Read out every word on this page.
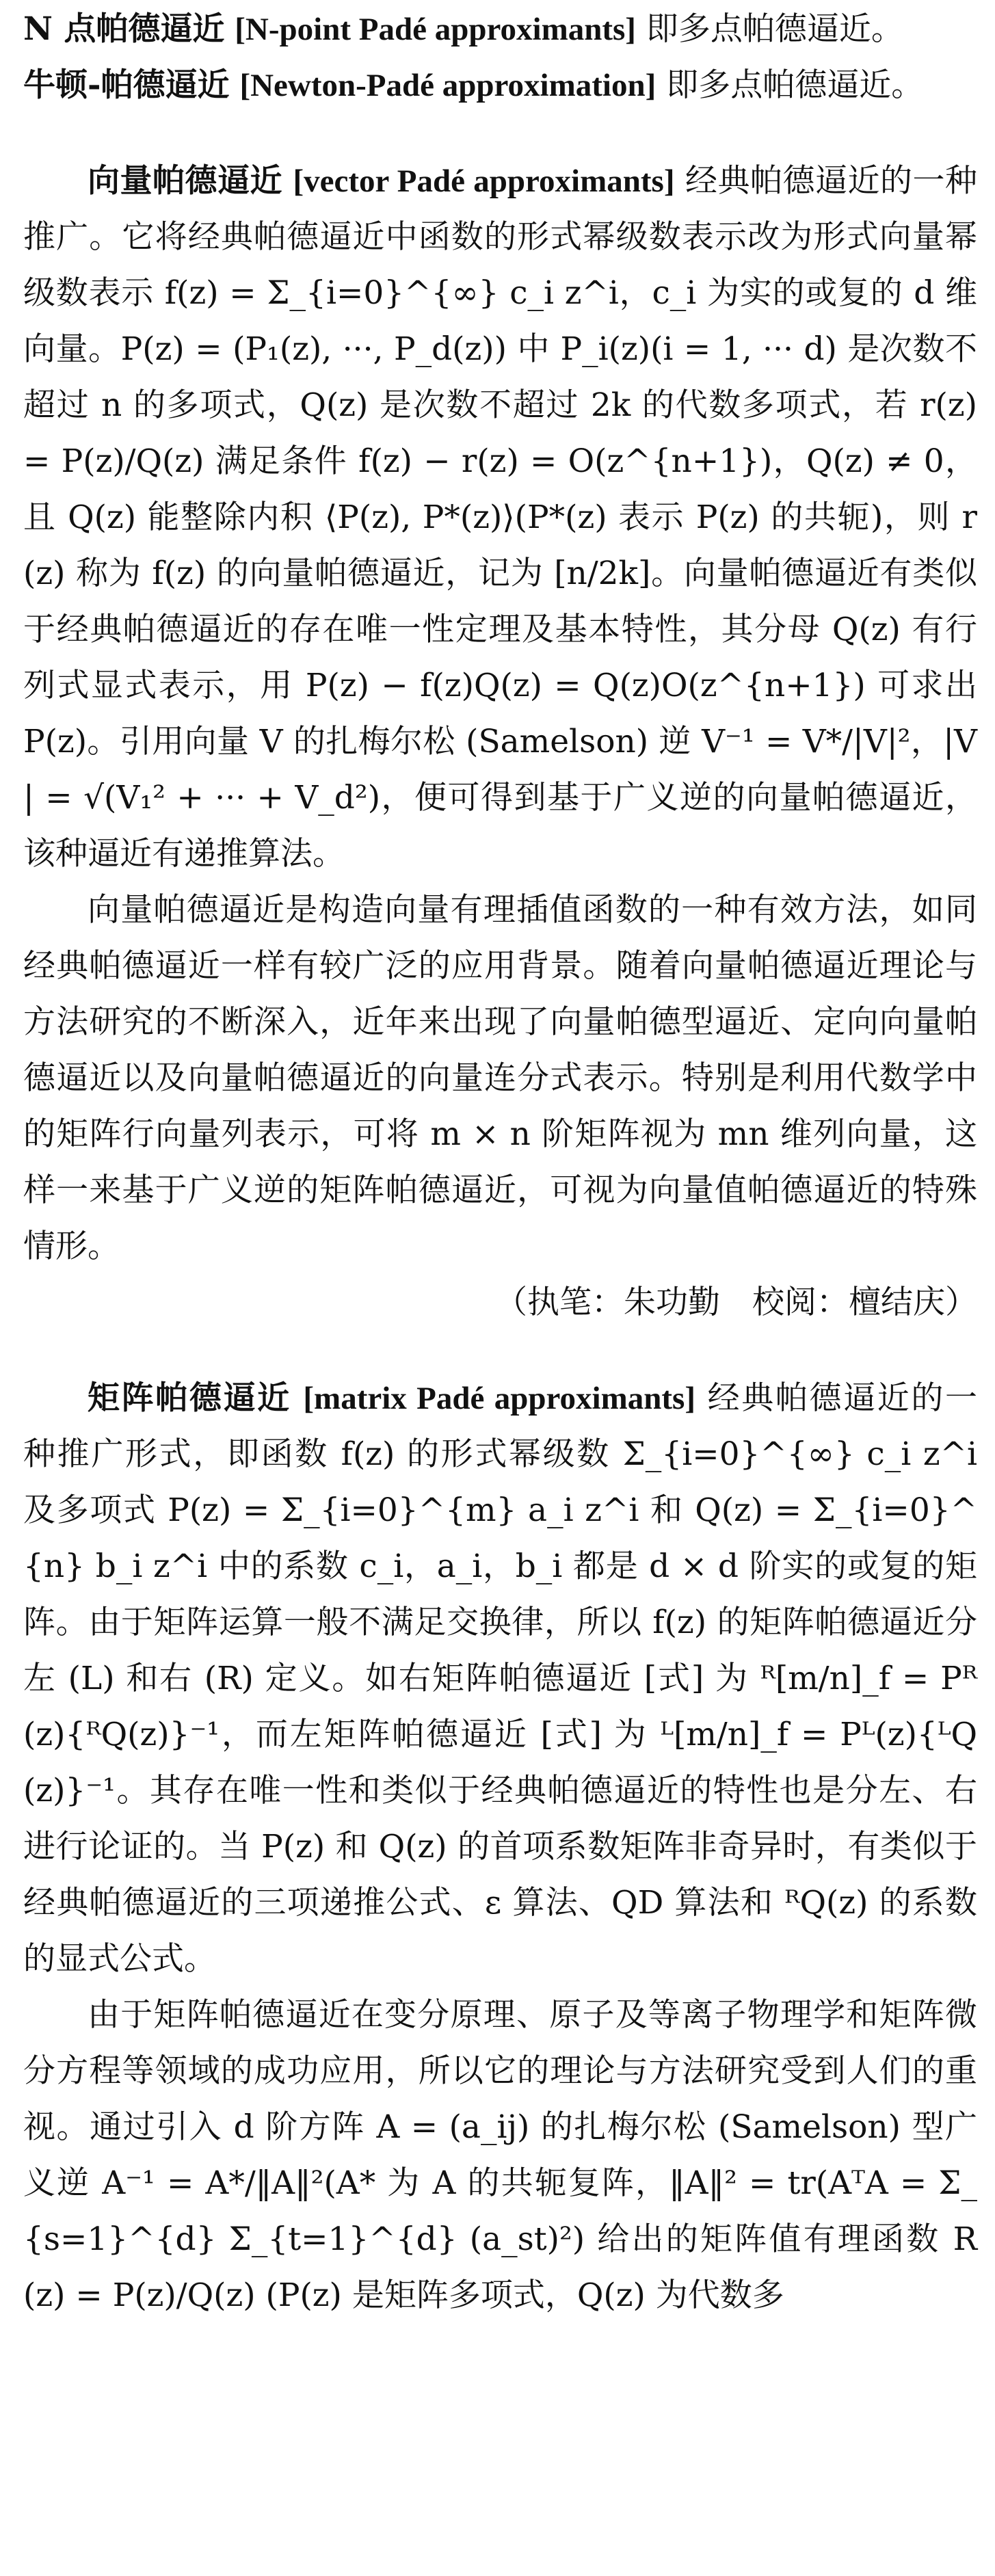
N 点帕德逼近 [N-point Padé approximants] 即多点帕德逼近。

牛顿-帕德逼近 [Newton-Padé approximation] 即多点帕德逼近。

向量帕德逼近 [vector Padé approximants] 经典帕德逼近的一种推广。它将经典帕德逼近中函数的形式幂级数表示改为形式向量幂级数表示 f(z) = Σ_{i=0}^{∞} c_i z^i，c_i 为实的或复的 d 维向量。P(z) = (P₁(z), ···, P_d(z)) 中 P_i(z)(i = 1, ··· d) 是次数不超过 n 的多项式，Q(z) 是次数不超过 2k 的代数多项式，若 r(z) = P(z)/Q(z) 满足条件 f(z) − r(z) = O(z^{n+1})，Q(z) ≠ 0，且 Q(z) 能整除内积 ⟨P(z), P*(z)⟩(P*(z) 表示 P(z) 的共轭)，则 r(z) 称为 f(z) 的向量帕德逼近，记为 [n/2k]。向量帕德逼近有类似于经典帕德逼近的存在唯一性定理及基本特性，其分母 Q(z) 有行列式显式表示，用 P(z) − f(z)Q(z) = Q(z)O(z^{n+1}) 可求出 P(z)。引用向量 V 的扎梅尔松 (Samelson) 逆 V⁻¹ = V*/|V|²，|V| = √(V₁² + ··· + V_d²)，便可得到基于广义逆的向量帕德逼近，该种逼近有递推算法。

向量帕德逼近是构造向量有理插值函数的一种有效方法，如同经典帕德逼近一样有较广泛的应用背景。随着向量帕德逼近理论与方法研究的不断深入，近年来出现了向量帕德型逼近、定向向量帕德逼近以及向量帕德逼近的向量连分式表示。特别是利用代数学中的矩阵行向量列表示，可将 m × n 阶矩阵视为 mn 维列向量，这样一来基于广义逆的矩阵帕德逼近，可视为向量值帕德逼近的特殊情形。

（执笔：朱功勤　校阅：檀结庆）

矩阵帕德逼近 [matrix Padé approximants] 经典帕德逼近的一种推广形式，即函数 f(z) 的形式幂级数 Σ_{i=0}^{∞} c_i z^i 及多项式 P(z) = Σ_{i=0}^{m} a_i z^i 和 Q(z) = Σ_{i=0}^{n} b_i z^i 中的系数 c_i，a_i，b_i 都是 d × d 阶实的或复的矩阵。由于矩阵运算一般不满足交换律，所以 f(z) 的矩阵帕德逼近分左 (L) 和右 (R) 定义。如右矩阵帕德逼近 [式] 为 ᴿ[m/n]_f = Pᴿ(z){ᴿQ(z)}⁻¹，而左矩阵帕德逼近 [式] 为 ᴸ[m/n]_f = Pᴸ(z){ᴸQ(z)}⁻¹。其存在唯一性和类似于经典帕德逼近的特性也是分左、右进行论证的。当 P(z) 和 Q(z) 的首项系数矩阵非奇异时，有类似于经典帕德逼近的三项递推公式、ε 算法、QD 算法和 ᴿQ(z) 的系数的显式公式。

由于矩阵帕德逼近在变分原理、原子及等离子物理学和矩阵微分方程等领域的成功应用，所以它的理论与方法研究受到人们的重视。通过引入 d 阶方阵 A = (a_ij) 的扎梅尔松 (Samelson) 型广义逆 A⁻¹ = A*/‖A‖²(A* 为 A 的共轭复阵，‖A‖² = tr(AᵀA = Σ_{s=1}^{d} Σ_{t=1}^{d} (a_st)²) 给出的矩阵值有理函数 R(z) = P(z)/Q(z) (P(z) 是矩阵多项式，Q(z) 为代数多
